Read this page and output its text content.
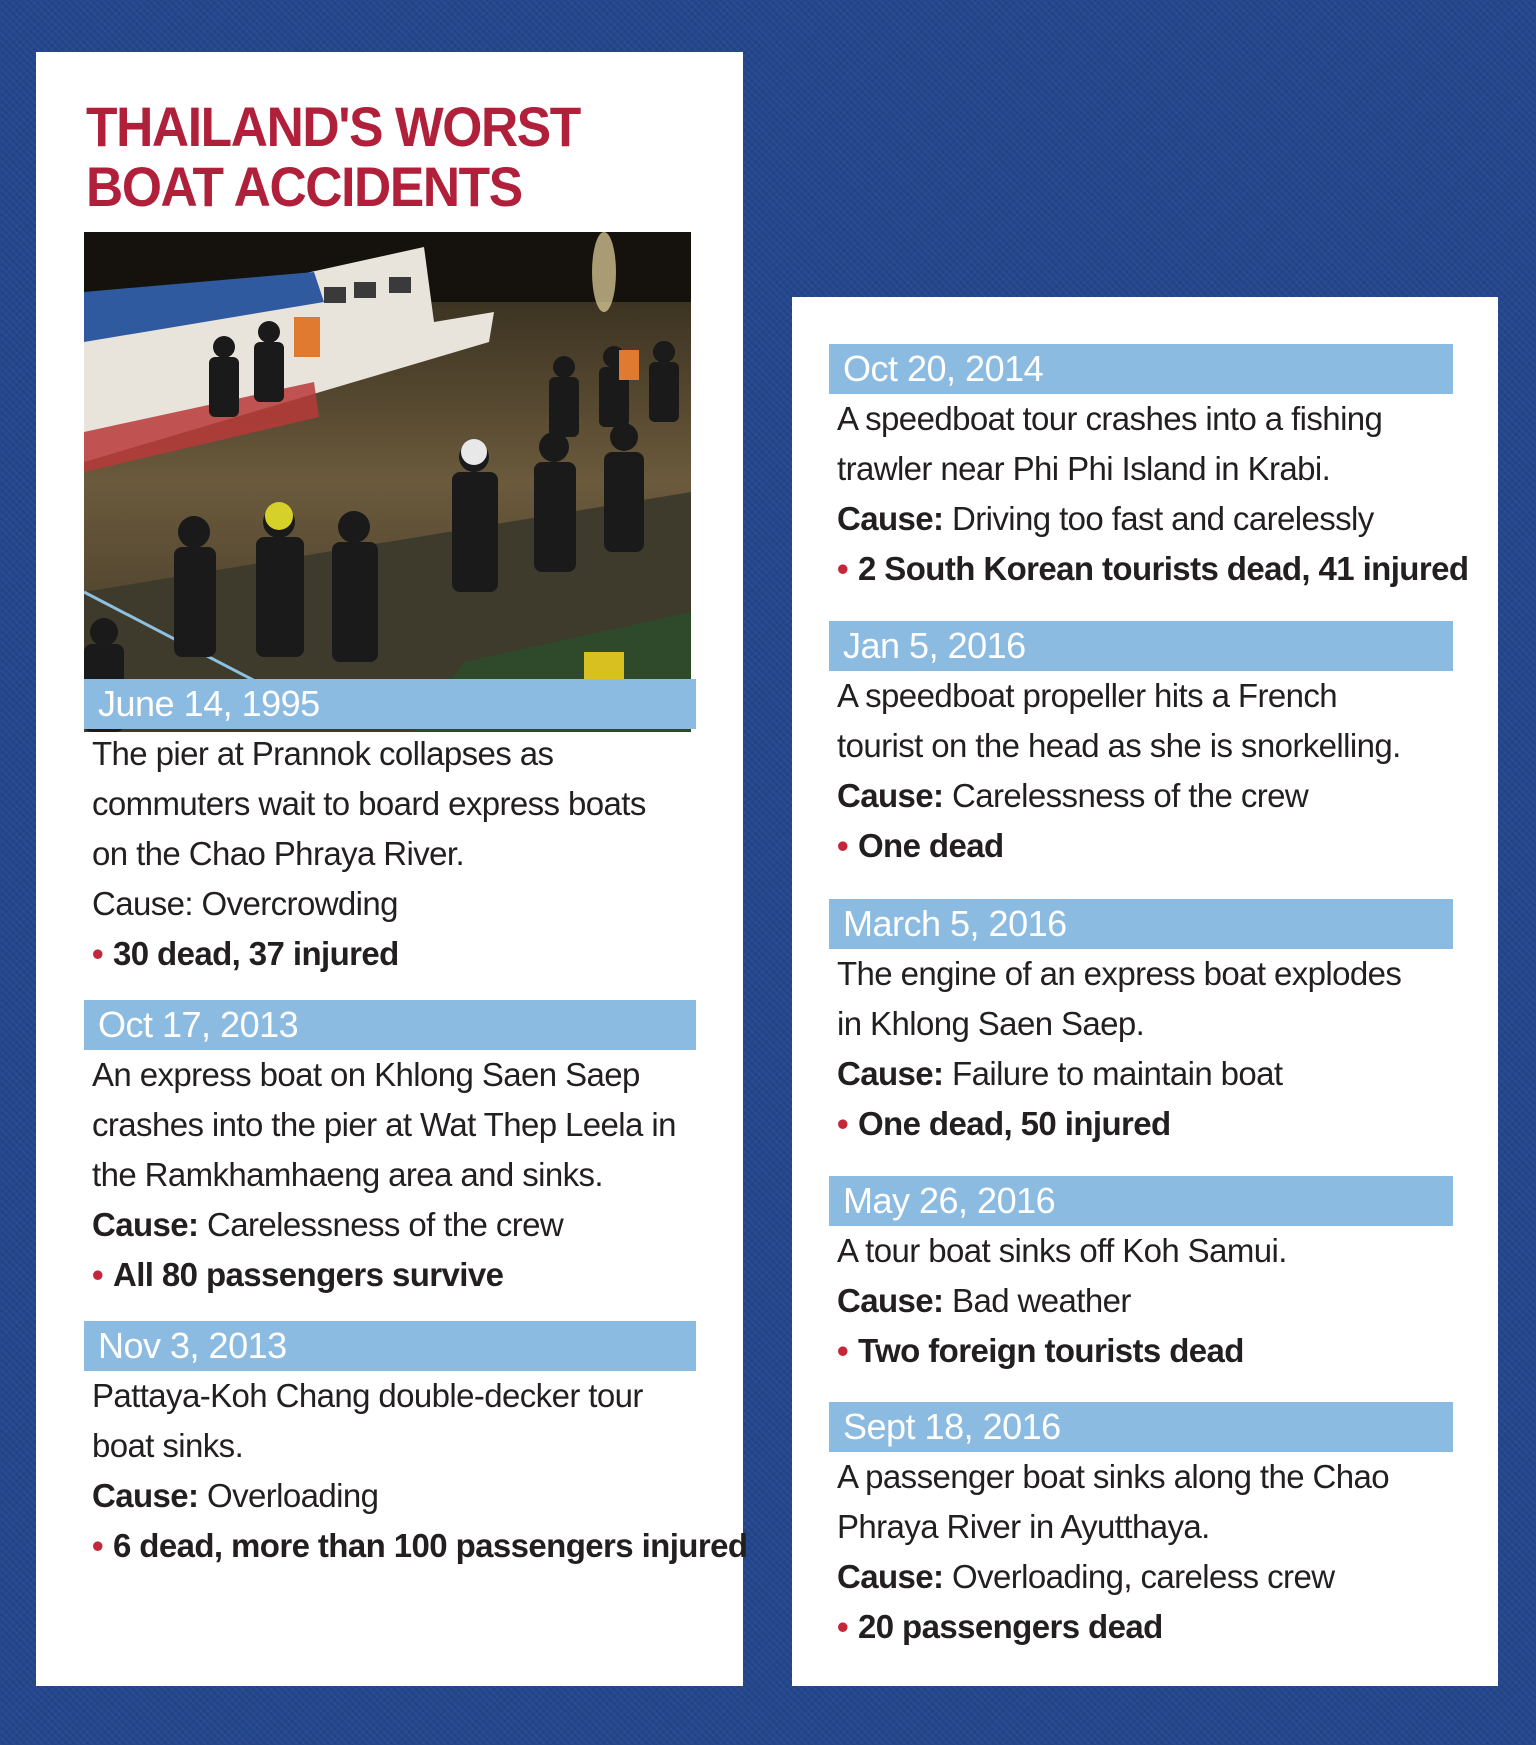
THAILAND'S WORST
BOAT ACCIDENTS
June 14, 1995

The pier at Prannok collapses as

commuters wait to board express boats

on the Chao Phraya River.

Cause: Overcrowding

• 30 dead, 37 injured

Oct 17, 2013

An express boat on Khlong Saen Saep

crashes into the pier at Wat Thep Leela in

the Ramkhamhaeng area and sinks.

Cause: Carelessness of the crew

• All 80 passengers survive

Nov 3, 2013

Pattaya-Koh Chang double-decker tour

boat sinks.

Cause: Overloading

• 6 dead, more than 100 passengers injured

Oct 20, 2014

A speedboat tour crashes into a fishing

trawler near Phi Phi Island in Krabi.

Cause: Driving too fast and carelessly

• 2 South Korean tourists dead, 41 injured

Jan 5, 2016

A speedboat propeller hits a French

tourist on the head as she is snorkelling.

Cause: Carelessness of the crew

• One dead

March 5, 2016

The engine of an express boat explodes

in Khlong Saen Saep.

Cause: Failure to maintain boat

• One dead, 50 injured

May 26, 2016

A tour boat sinks off Koh Samui.

Cause: Bad weather

• Two foreign tourists dead

Sept 18, 2016

A passenger boat sinks along the Chao

Phraya River in Ayutthaya.

Cause: Overloading, careless crew

• 20 passengers dead
